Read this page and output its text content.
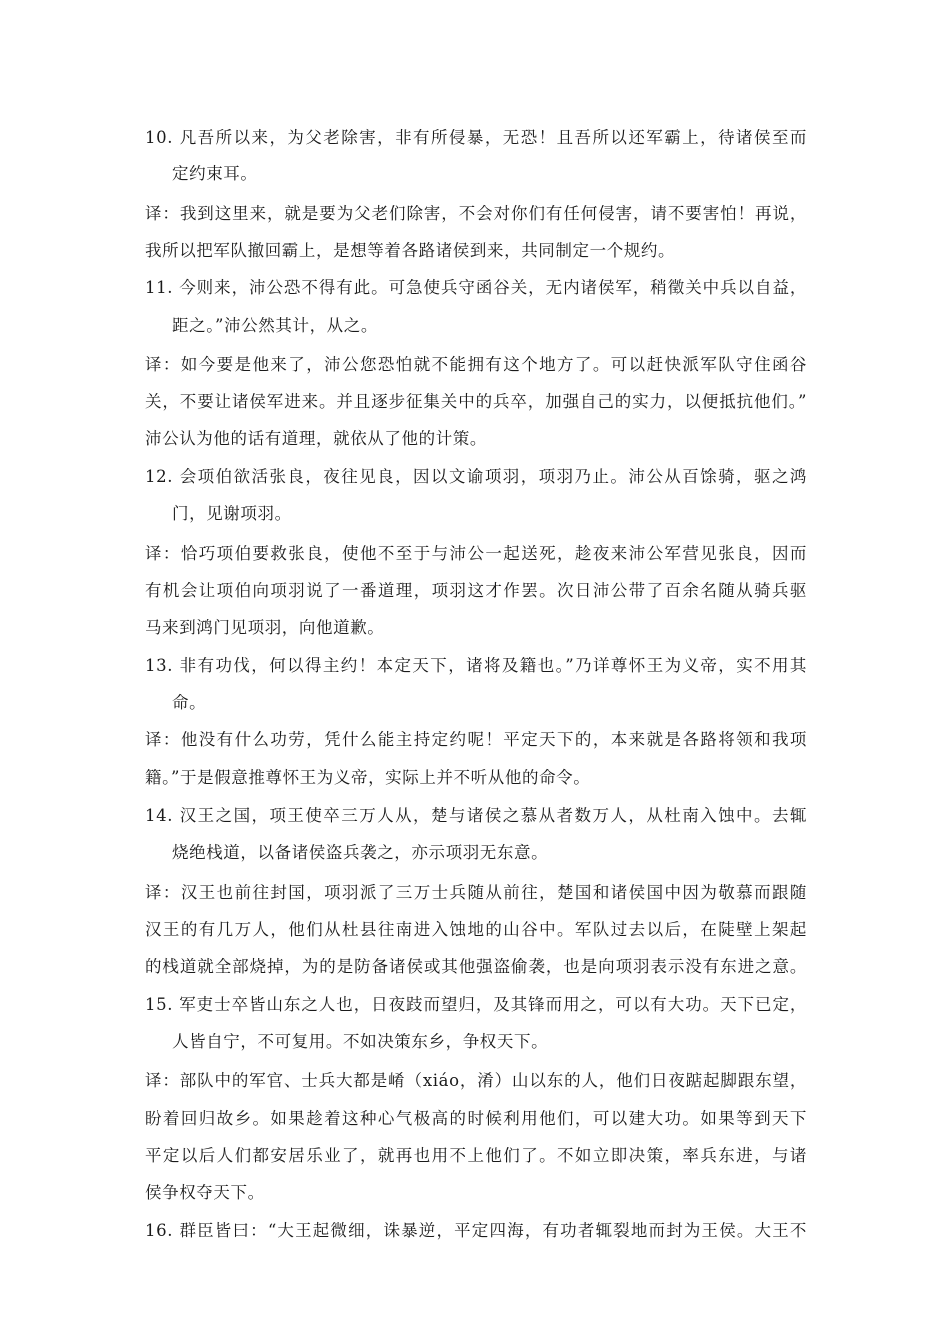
10. 凡吾所以来，为父老除害，非有所侵暴，无恐！且吾所以还军霸上，待诸侯至而
定约束耳。
译：我到这里来，就是要为父老们除害，不会对你们有任何侵害，请不要害怕！再说，
我所以把军队撤回霸上，是想等着各路诸侯到来，共同制定一个规约。
11. 今则来，沛公恐不得有此。可急使兵守函谷关，无内诸侯军，稍徵关中兵以自益，
距之。”沛公然其计，从之。
译：如今要是他来了，沛公您恐怕就不能拥有这个地方了。可以赶快派军队守住函谷
关，不要让诸侯军进来。并且逐步征集关中的兵卒，加强自己的实力，以便抵抗他们。”
沛公认为他的话有道理，就依从了他的计策。
12. 会项伯欲活张良，夜往见良，因以文谕项羽，项羽乃止。沛公从百馀骑，驱之鸿
门，见谢项羽。
译：恰巧项伯要救张良，使他不至于与沛公一起送死，趁夜来沛公军营见张良，因而
有机会让项伯向项羽说了一番道理，项羽这才作罢。次日沛公带了百余名随从骑兵驱
马来到鸿门见项羽，向他道歉。
13. 非有功伐，何以得主约！本定天下，诸将及籍也。”乃详尊怀王为义帝，实不用其
命。
译：他没有什么功劳，凭什么能主持定约呢！平定天下的，本来就是各路将领和我项
籍。”于是假意推尊怀王为义帝，实际上并不听从他的命令。
14. 汉王之国，项王使卒三万人从，楚与诸侯之慕从者数万人，从杜南入蚀中。去辄
烧绝栈道，以备诸侯盗兵袭之，亦示项羽无东意。
译：汉王也前往封国，项羽派了三万士兵随从前往，楚国和诸侯国中因为敬慕而跟随
汉王的有几万人，他们从杜县往南进入蚀地的山谷中。军队过去以后，在陡壁上架起
的栈道就全部烧掉，为的是防备诸侯或其他强盗偷袭，也是向项羽表示没有东进之意。
15. 军吏士卒皆山东之人也，日夜跂而望归，及其锋而用之，可以有大功。天下已定，
人皆自宁，不可复用。不如决策东乡，争权天下。
译：部队中的军官、士兵大都是崤（xiáo，淆）山以东的人，他们日夜踮起脚跟东望，
盼着回归故乡。如果趁着这种心气极高的时候利用他们，可以建大功。如果等到天下
平定以后人们都安居乐业了，就再也用不上他们了。不如立即决策，率兵东进，与诸
侯争权夺天下。
16. 群臣皆曰：“大王起微细，诛暴逆，平定四海，有功者辄裂地而封为王侯。大王不
